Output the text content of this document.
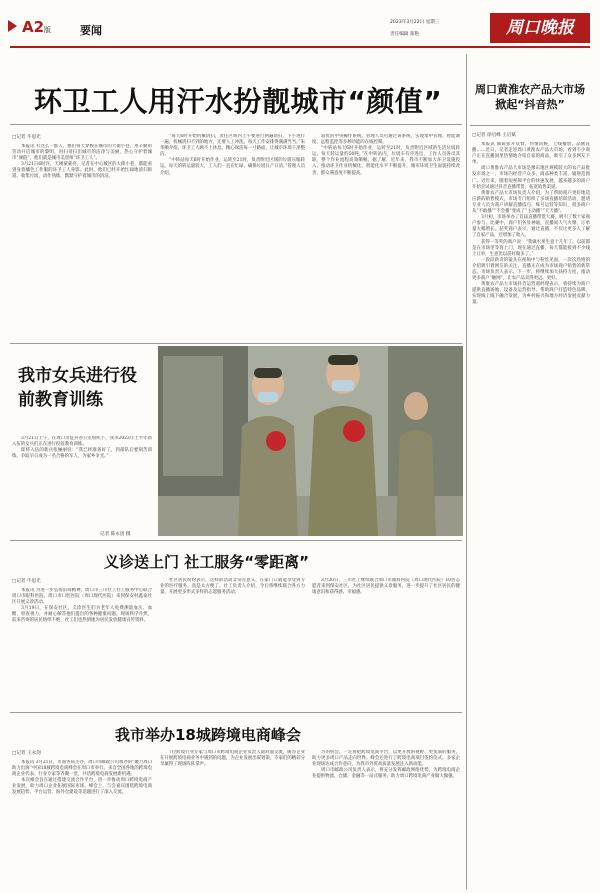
A2版	要闻
2023年3月22日 星期三
责任编辑 郑艳	周口晚报
环卫工人用汗水扮靓城市“颜值”
□记者 牛思光

本报讯 有这么一群人，他们每天穿梭在城市的大街小巷，用辛勤的劳动开启城市的黎明，用扫帚扫出城市的洁净与美丽，热心守护着城市“颜值”，他们就是城市美容师“环卫工人”。

3月21日6时许，天刚蒙蒙亮，记者在中心城区的大街小巷，都能看到身着橘色工作服的环卫工人身影。此时，他们已经开始忙碌地清扫街道、收集垃圾，动作熟练，默默守护着城市的清洁。

“每天6时开始机械清扫，责任区域内上午要进行两遍清扫，下午进行一遍，机械清扫不到的地方，还要人工冲洗。每天工作安排得满满当当。”朱华顺介绍。环卫工人顾不上休息，精心保洁每一寸路面，让城市环境干净整洁。

“中转站每天6时开始作业，运转至21时，负责附近区域的垃圾压缩转运。每天的转运量较大，工人们一直在忙碌，确保垃圾日产日清。”管理人员介绍。

较优的中央操作系统，管理人员可通过该系统，实现集中管理、智能调度、远程监控等多种功能的在线控制。

“中转站每天6时开始作业，运转至21时，负责附近区域的生活垃圾转运，每天转运量约50吨。”在中转站内，垃圾车有序进出，工作人员各司其职，整个作业流程高效顺畅。据了解，近年来，我市不断加大环卫设施投入，推动环卫作业机械化、智能化水平不断提升，城市环境卫生面貌持续改善，群众满意度不断提高。

周口黄淮农产品大市场掀起“抖音热”
□记者 徐启峰 王启斌

本报讯 铺锐张开双臂，热情问候，上线播放，品牌直播……近日，记者走进周口黄淮农产品大市场，看到不少商户正在直播间里热情地介绍自家的商品，吸引了众多网友下单。

周口黄淮农产品大市场是豫东地区规模较大的农产品批发市场之一，市场内经营户众多，商品种类丰富，辐射范围广。近年来，随着短视频平台的快速发展，越来越多的商户开始尝试通过抖音直播带货，拓宽销售渠道。

黄淮农产品大市场负责人介绍，为了帮助商户更好地适应新的销售模式，市场专门组织了多场直播培训活动，邀请专业人员为商户讲解直播技巧、账号运营等知识，很多商户从“不敢播”“不会播”变成了“主动播”“天天播”。

3月初，市场举办了首届直播带货大赛，吸引了数十家商户参与，比赛中，商户们各显神通，直播间人气火爆，订单量大幅增长。获奖商户表示，通过直播，不仅让更多人了解了自家产品，还增加了收入。

获得一等奖的商户说：“我做水果生意十几年了，以前都是在市场里等客上门，现在通过直播，每天都能接到不少线上订单，生意比以前好做多了。”

一段段新奇的镜头在视频中与粉丝见面，一次次热情的介绍吸引着网友的关注，直播正在成为市场商户销售的新常态。市场负责人表示，下一步，将继续加大扶持力度，推动更多商户“触网”，让农产品卖得更远、更好。

黄淮农产品大市场抖音运营部经理表示，将持续为商户提供直播场地、设备及运营指导，帮助商户打造特色品牌，实现线上线下融合发展，为乡村振兴和地方经济发展贡献力量。

我市女兵进行役前教育训练

3月21日上午，在周口市征兵办公室组织下，我市2023年上半年新入伍的女兵们正在进行役前教育训练。

即将入伍的新兵张俪丽说：“我已经准备好了，到部队后要刻苦训练，争取早日成为一名合格的军人，为家乡争光。”

记者 陈永团 摄
义诊送上门 社工服务“零距离”
□记者 牛思光

本报讯 为进一步弘扬雷锋精神，周口市三川社工社工服务中心联合周口市眼科医院、周口市口腔医院（周口现代医院）来到保安村鑫泰社区开展义诊活动。

3月19日，在保安社区，义诊医生们为老年人免费测量血压、血糖，检查视力，并耐心解答他们提出的各种健康问题。现场秩序井然，前来咨询的居民络绎不绝，社工们也热情地为居民发放健康宣传资料。

社区居民纷纷表示，这样的活动非常有意义，在家门口就能享受到专业的医疗服务，真是太方便了。社工负责人介绍，今后将继续联合各方力量，开展更多形式多样的志愿服务活动。

3月20日，三川社工继续联合周口市眼科医院（周口现代医院）10名志愿者来到保安社区，为社区居民提供义诊服务，进一步提升了社区居民的健康意识和获得感、幸福感。

我市举办18城跨境电商峰会
□记者 王永剑

本报讯 3月21日，市商务局主办，周口市邮政公司承办的“聚力周口 助力出海”中国18城跨境电商峰会在周口市举行。来自全国各地的跨境电商企业代表、行业专家等齐聚一堂，共话跨境电商发展新机遇。

本次峰会旨在通过搭建交流合作平台，进一步推动周口跨境电商产业发展，助力周口企业拓展国际市场。峰会上，与会嘉宾围绕跨境电商发展趋势、平台运营、海外仓建设等话题进行了深入交流。

7位跨境行业专家与周口市跨境电商企业负责人面对面交流，解答企业在开展跨境电商业务中遇到的问题，为企业发展出谋划策。专家们的精彩分享赢得了现场阵阵掌声。

习的机会，一定将把跨境电商平台，以更开放的视野、更优质的服务，助力更多周口产品走向世界。峰会还进行了跨境电商项目签约仪式，多家企业现场达成合作意向，为我市外贸高质量发展注入新动能。

周口市邮政公司负责人表示，将充分发挥邮政网络优势，为跨境电商企业提供物流、仓储、金融等一站式服务，助力周口跨境电商产业做大做强。
